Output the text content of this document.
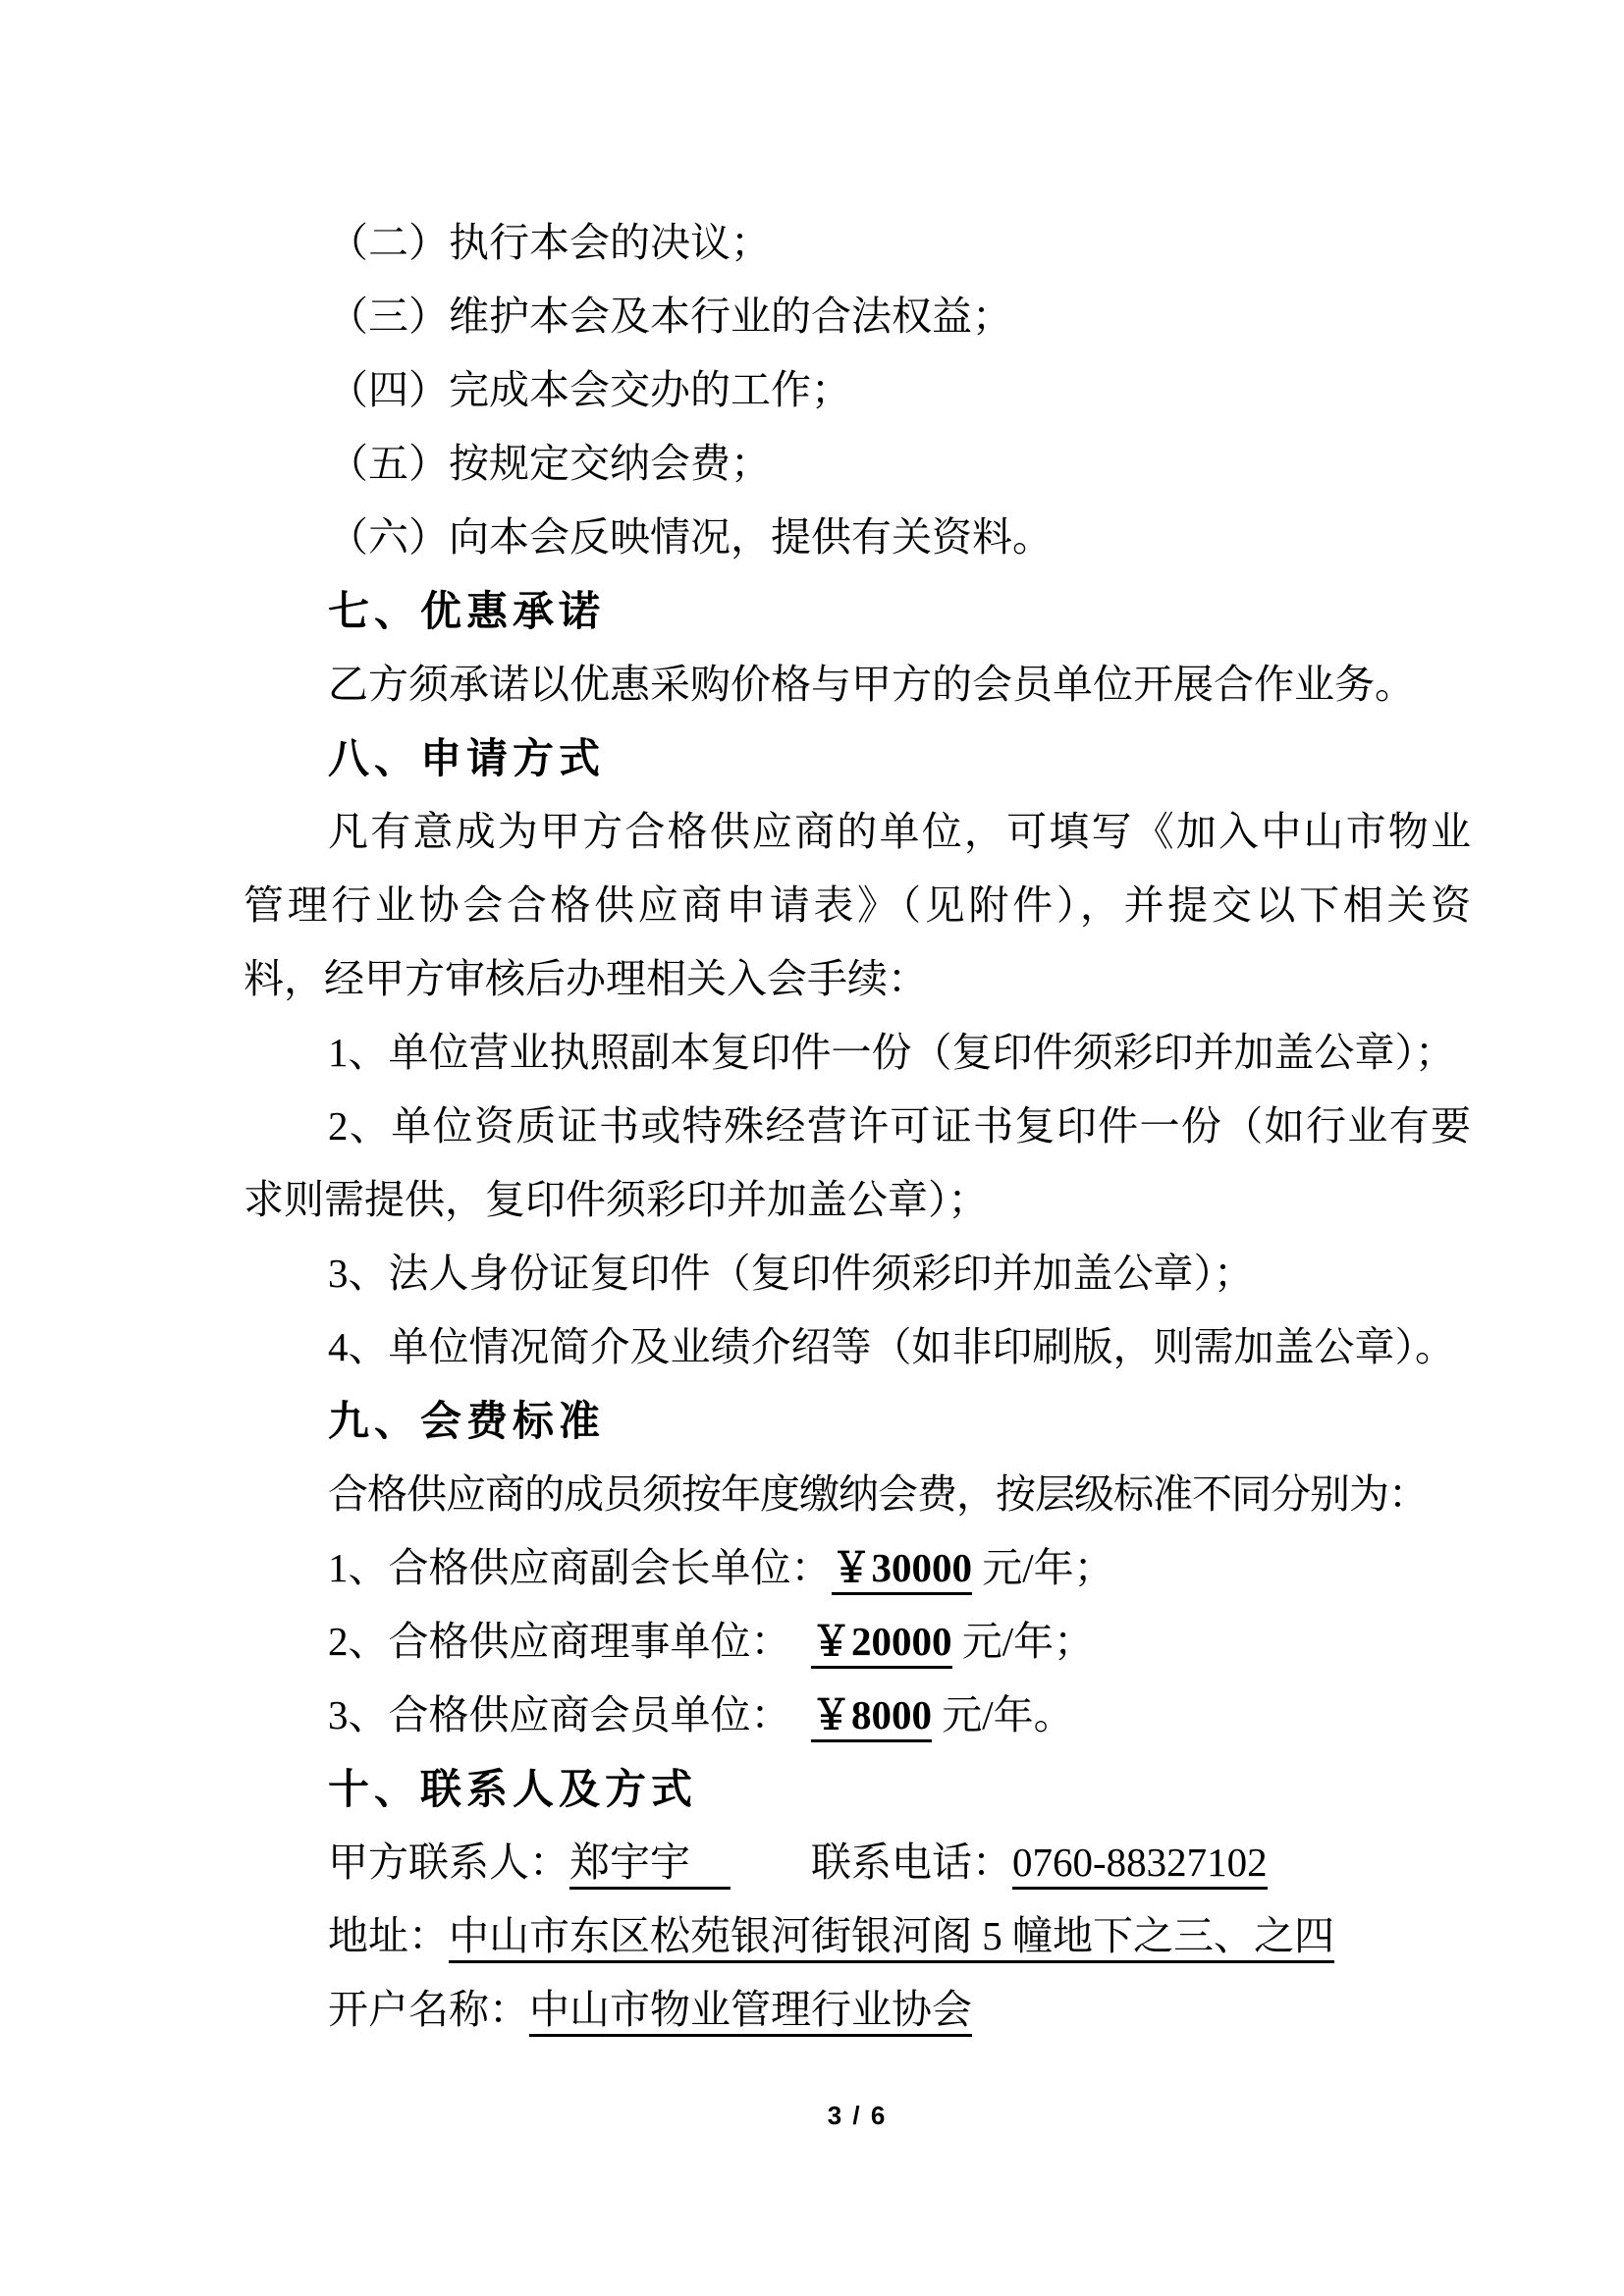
（二）执行本会的决议；
（三）维护本会及本行业的合法权益；
（四）完成本会交办的工作；
（五）按规定交纳会费；
（六）向本会反映情况，提供有关资料。
七、优惠承诺
乙方须承诺以优惠采购价格与甲方的会员单位开展合作业务。
八、申请方式
凡有意成为甲方合格供应商的单位，可填写《加入中山市物业
管理行业协会合格供应商申请表》（见附件），并提交以下相关资
料，经甲方审核后办理相关入会手续：
1、单位营业执照副本复印件一份（复印件须彩印并加盖公章）；
2、单位资质证书或特殊经营许可证书复印件一份（如行业有要
求则需提供，复印件须彩印并加盖公章）；
3、法人身份证复印件（复印件须彩印并加盖公章）；
4、单位情况简介及业绩介绍等（如非印刷版，则需加盖公章）。
九、会费标准
合格供应商的成员须按年度缴纳会费，按层级标准不同分别为：
1、合格供应商副会长单位：￥30000 元/年；
2、合格供应商理事单位：　￥20000 元/年；
3、合格供应商会员单位：　￥8000 元/年。
十、联系人及方式
甲方联系人：郑宇宇　　　联系电话：0760-88327102
地址：中山市东区松苑银河街银河阁 5 幢地下之三、之四
开户名称：中山市物业管理行业协会
3 / 6
